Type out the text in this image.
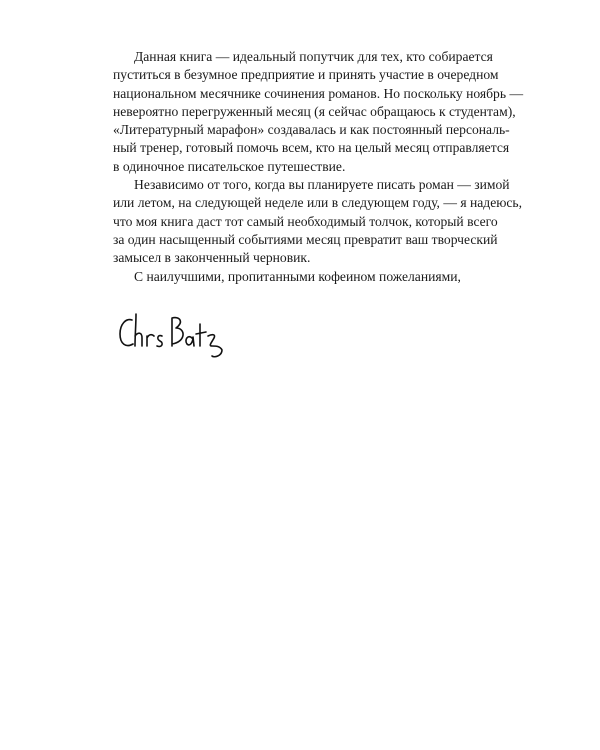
Данная книга — идеальный попутчик для тех, кто собирается
пуститься в безумное предприятие и принять участие в очередном
национальном месячнике сочинения романов. Но поскольку ноябрь —
невероятно перегруженный месяц (я сейчас обращаюсь к студентам),
«Литературный марафон» создавалась и как постоянный персональ-
ный тренер, готовый помочь всем, кто на целый месяц отправляется
в одиночное писательское путешествие.

Независимо от того, когда вы планируете писать роман — зимой
или летом, на следующей неделе или в следующем году, — я надеюсь,
что моя книга даст тот самый необходимый толчок, который всего
за один насыщенный событиями месяц превратит ваш творческий
замысел в законченный черновик.

С наилучшими, пропитанными кофеином пожеланиями,
